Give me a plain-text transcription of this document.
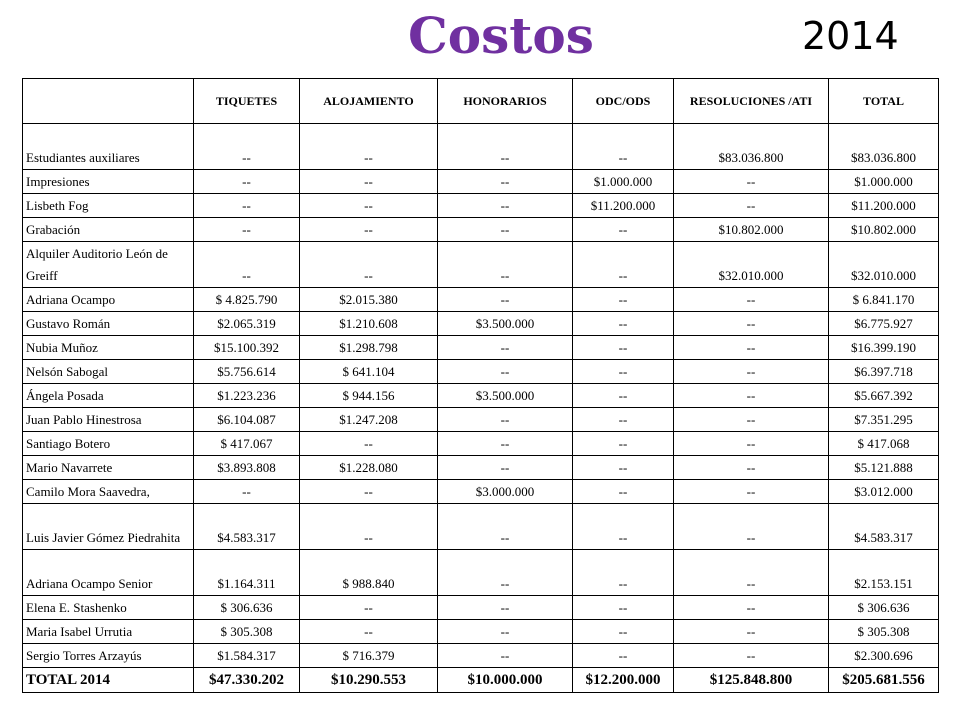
Costos	2014
	TIQUETES	ALOJAMIENTO	HONORARIOS	ODC/ODS	RESOLUCIONES /ATI	TOTAL
Estudiantes auxiliares	--	--	--	--	$83.036.800	$83.036.800
Impresiones	--	--	--	$1.000.000	--	$1.000.000
Lisbeth Fog	--	--	--	$11.200.000	--	$11.200.000
Grabación	--	--	--	--	$10.802.000	$10.802.000
Alquiler Auditorio León de Greiff	--	--	--	--	$32.010.000	$32.010.000
Adriana Ocampo	$ 4.825.790	$2.015.380	--	--	--	$ 6.841.170
Gustavo Román	$2.065.319	$1.210.608	$3.500.000	--	--	$6.775.927
Nubia Muñoz	$15.100.392	$1.298.798	--	--	--	$16.399.190
Nelsón Sabogal	$5.756.614	$ 641.104	--	--	--	$6.397.718
Ángela Posada	$1.223.236	$ 944.156	$3.500.000	--	--	$5.667.392
Juan Pablo Hinestrosa	$6.104.087	$1.247.208	--	--	--	$7.351.295
Santiago Botero	$ 417.067	--	--	--	--	$ 417.068
Mario Navarrete	$3.893.808	$1.228.080	--	--	--	$5.121.888
Camilo Mora Saavedra,	--	--	$3.000.000	--	--	$3.012.000
Luis Javier Gómez Piedrahita	$4.583.317	--	--	--	--	$4.583.317
Adriana Ocampo Senior	$1.164.311	$ 988.840	--	--	--	$2.153.151
Elena E. Stashenko	$ 306.636	--	--	--	--	$ 306.636
Maria Isabel Urrutia	$ 305.308	--	--	--	--	$ 305.308
Sergio Torres Arzayús	$1.584.317	$ 716.379	--	--	--	$2.300.696
TOTAL 2014	$47.330.202	$10.290.553	$10.000.000	$12.200.000	$125.848.800	$205.681.556
